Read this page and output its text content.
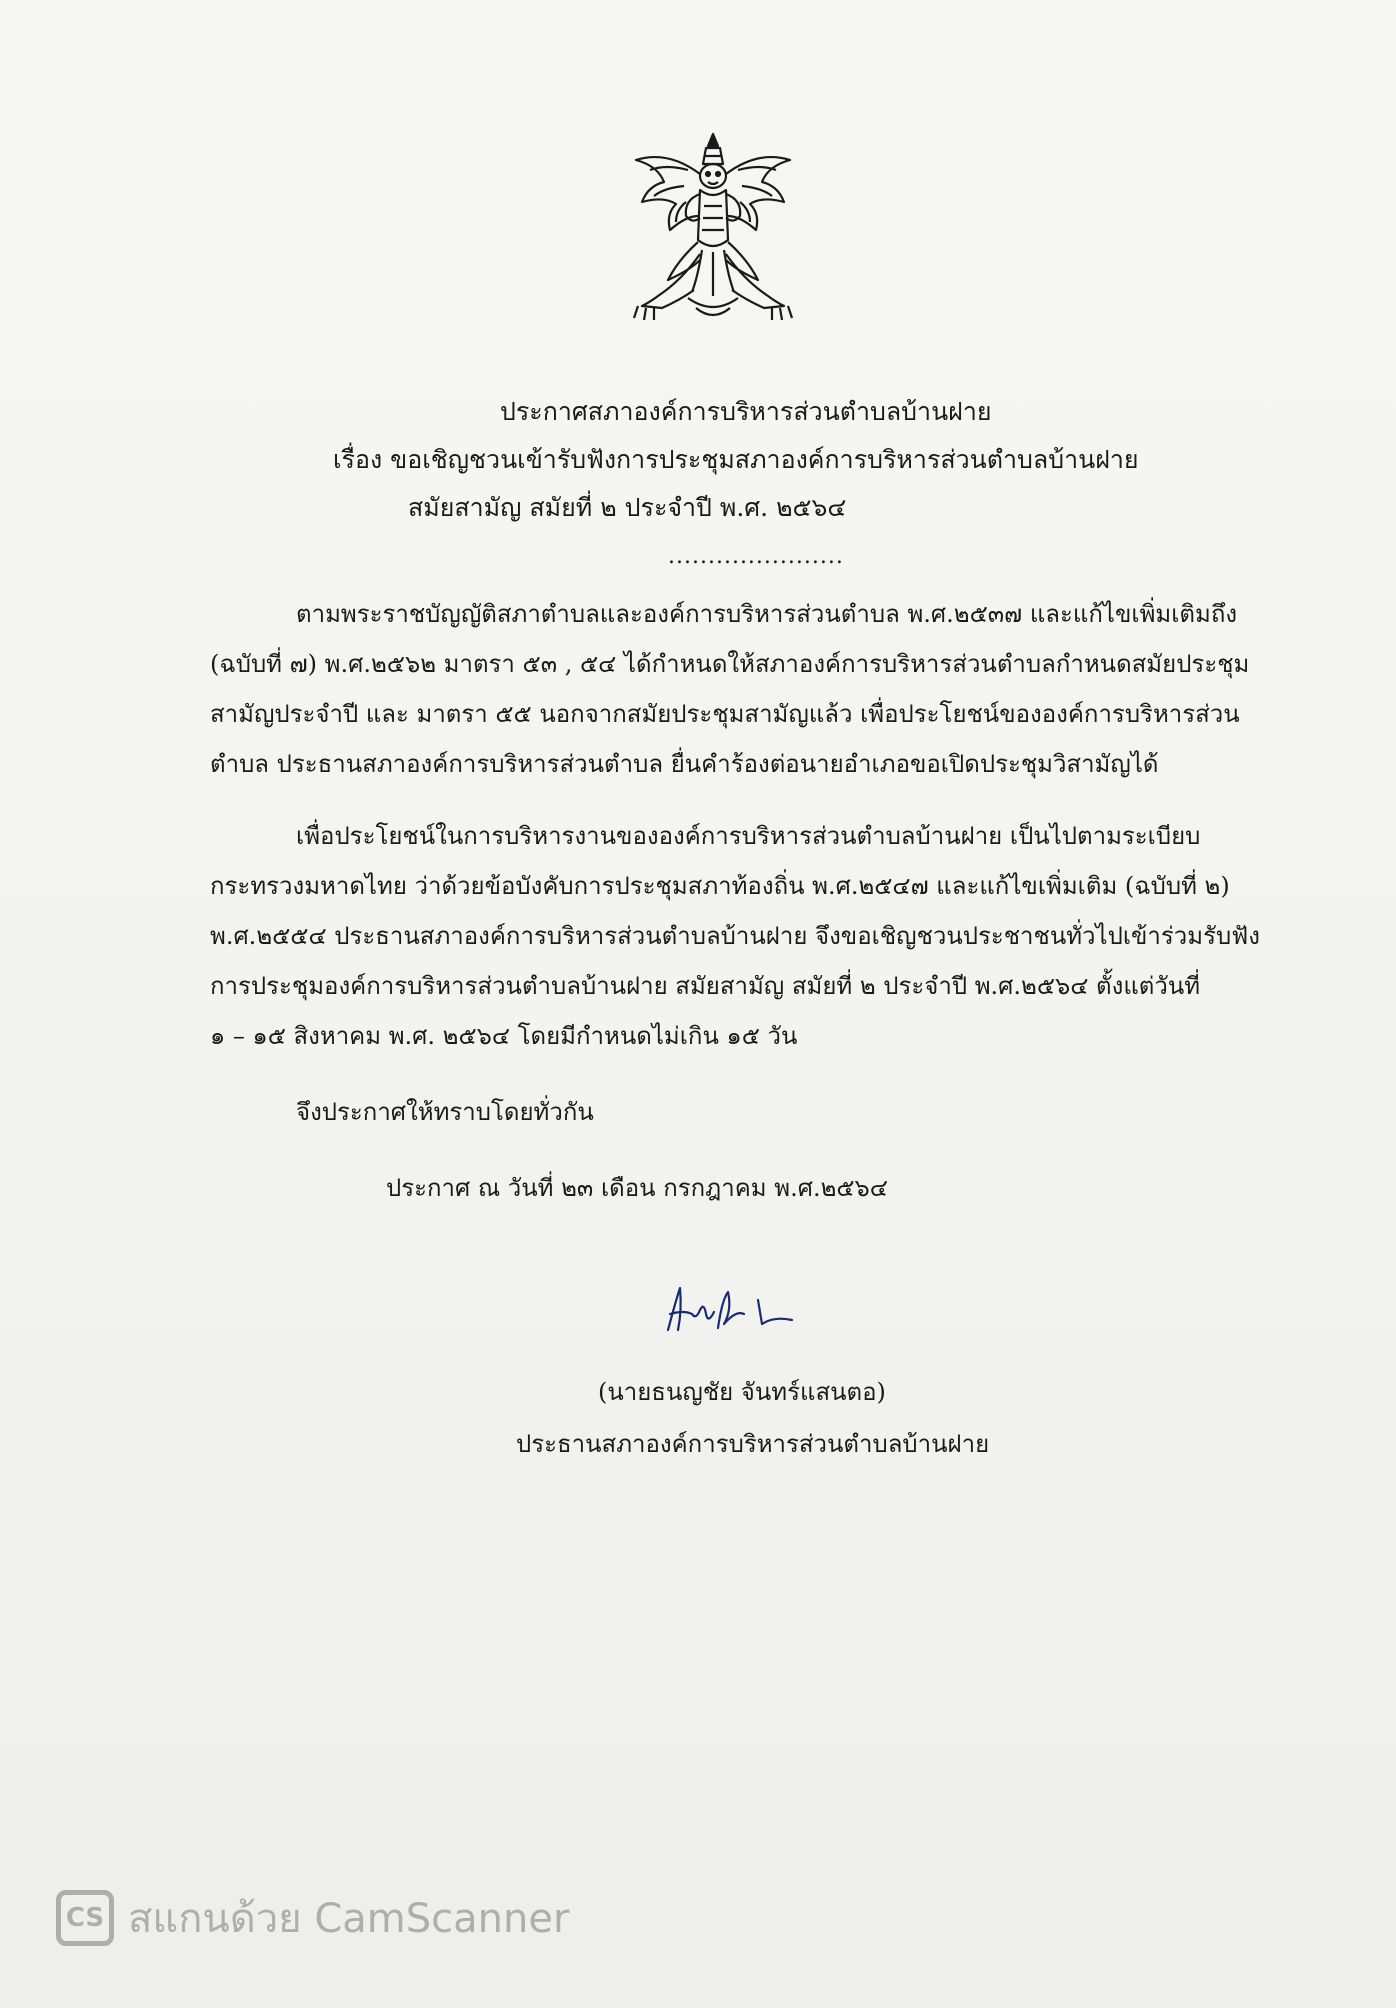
ประกาศสภาองค์การบริหารส่วนตำบลบ้านฝาย
เรื่อง ขอเชิญชวนเข้ารับฟังการประชุมสภาองค์การบริหารส่วนตำบลบ้านฝาย
สมัยสามัญ สมัยที่ ๒ ประจำปี พ.ศ. ๒๕๖๔
......................
ตามพระราชบัญญัติสภาตำบลและองค์การบริหารส่วนตำบล พ.ศ.๒๕๓๗ และแก้ไขเพิ่มเติมถึง
(ฉบับที่ ๗) พ.ศ.๒๕๖๒ มาตรา ๕๓ , ๕๔ ได้กำหนดให้สภาองค์การบริหารส่วนตำบลกำหนดสมัยประชุม
สามัญประจำปี และ มาตรา ๕๕ นอกจากสมัยประชุมสามัญแล้ว เพื่อประโยชน์ขององค์การบริหารส่วน
ตำบล ประธานสภาองค์การบริหารส่วนตำบล ยื่นคำร้องต่อนายอำเภอขอเปิดประชุมวิสามัญได้
เพื่อประโยชน์ในการบริหารงานขององค์การบริหารส่วนตำบลบ้านฝาย เป็นไปตามระเบียบ
กระทรวงมหาดไทย ว่าด้วยข้อบังคับการประชุมสภาท้องถิ่น พ.ศ.๒๕๔๗ และแก้ไขเพิ่มเติม (ฉบับที่ ๒)
พ.ศ.๒๕๕๔ ประธานสภาองค์การบริหารส่วนตำบลบ้านฝาย จึงขอเชิญชวนประชาชนทั่วไปเข้าร่วมรับฟัง
การประชุมองค์การบริหารส่วนตำบลบ้านฝาย สมัยสามัญ สมัยที่ ๒ ประจำปี พ.ศ.๒๕๖๔ ตั้งแต่วันที่
๑ – ๑๕ สิงหาคม พ.ศ. ๒๕๖๔ โดยมีกำหนดไม่เกิน ๑๕ วัน
จึงประกาศให้ทราบโดยทั่วกัน
ประกาศ ณ วันที่ ๒๓ เดือน กรกฎาคม พ.ศ.๒๕๖๔
(นายธนญชัย จันทร์แสนตอ)
ประธานสภาองค์การบริหารส่วนตำบลบ้านฝาย
CS สแกนด้วย CamScanner
